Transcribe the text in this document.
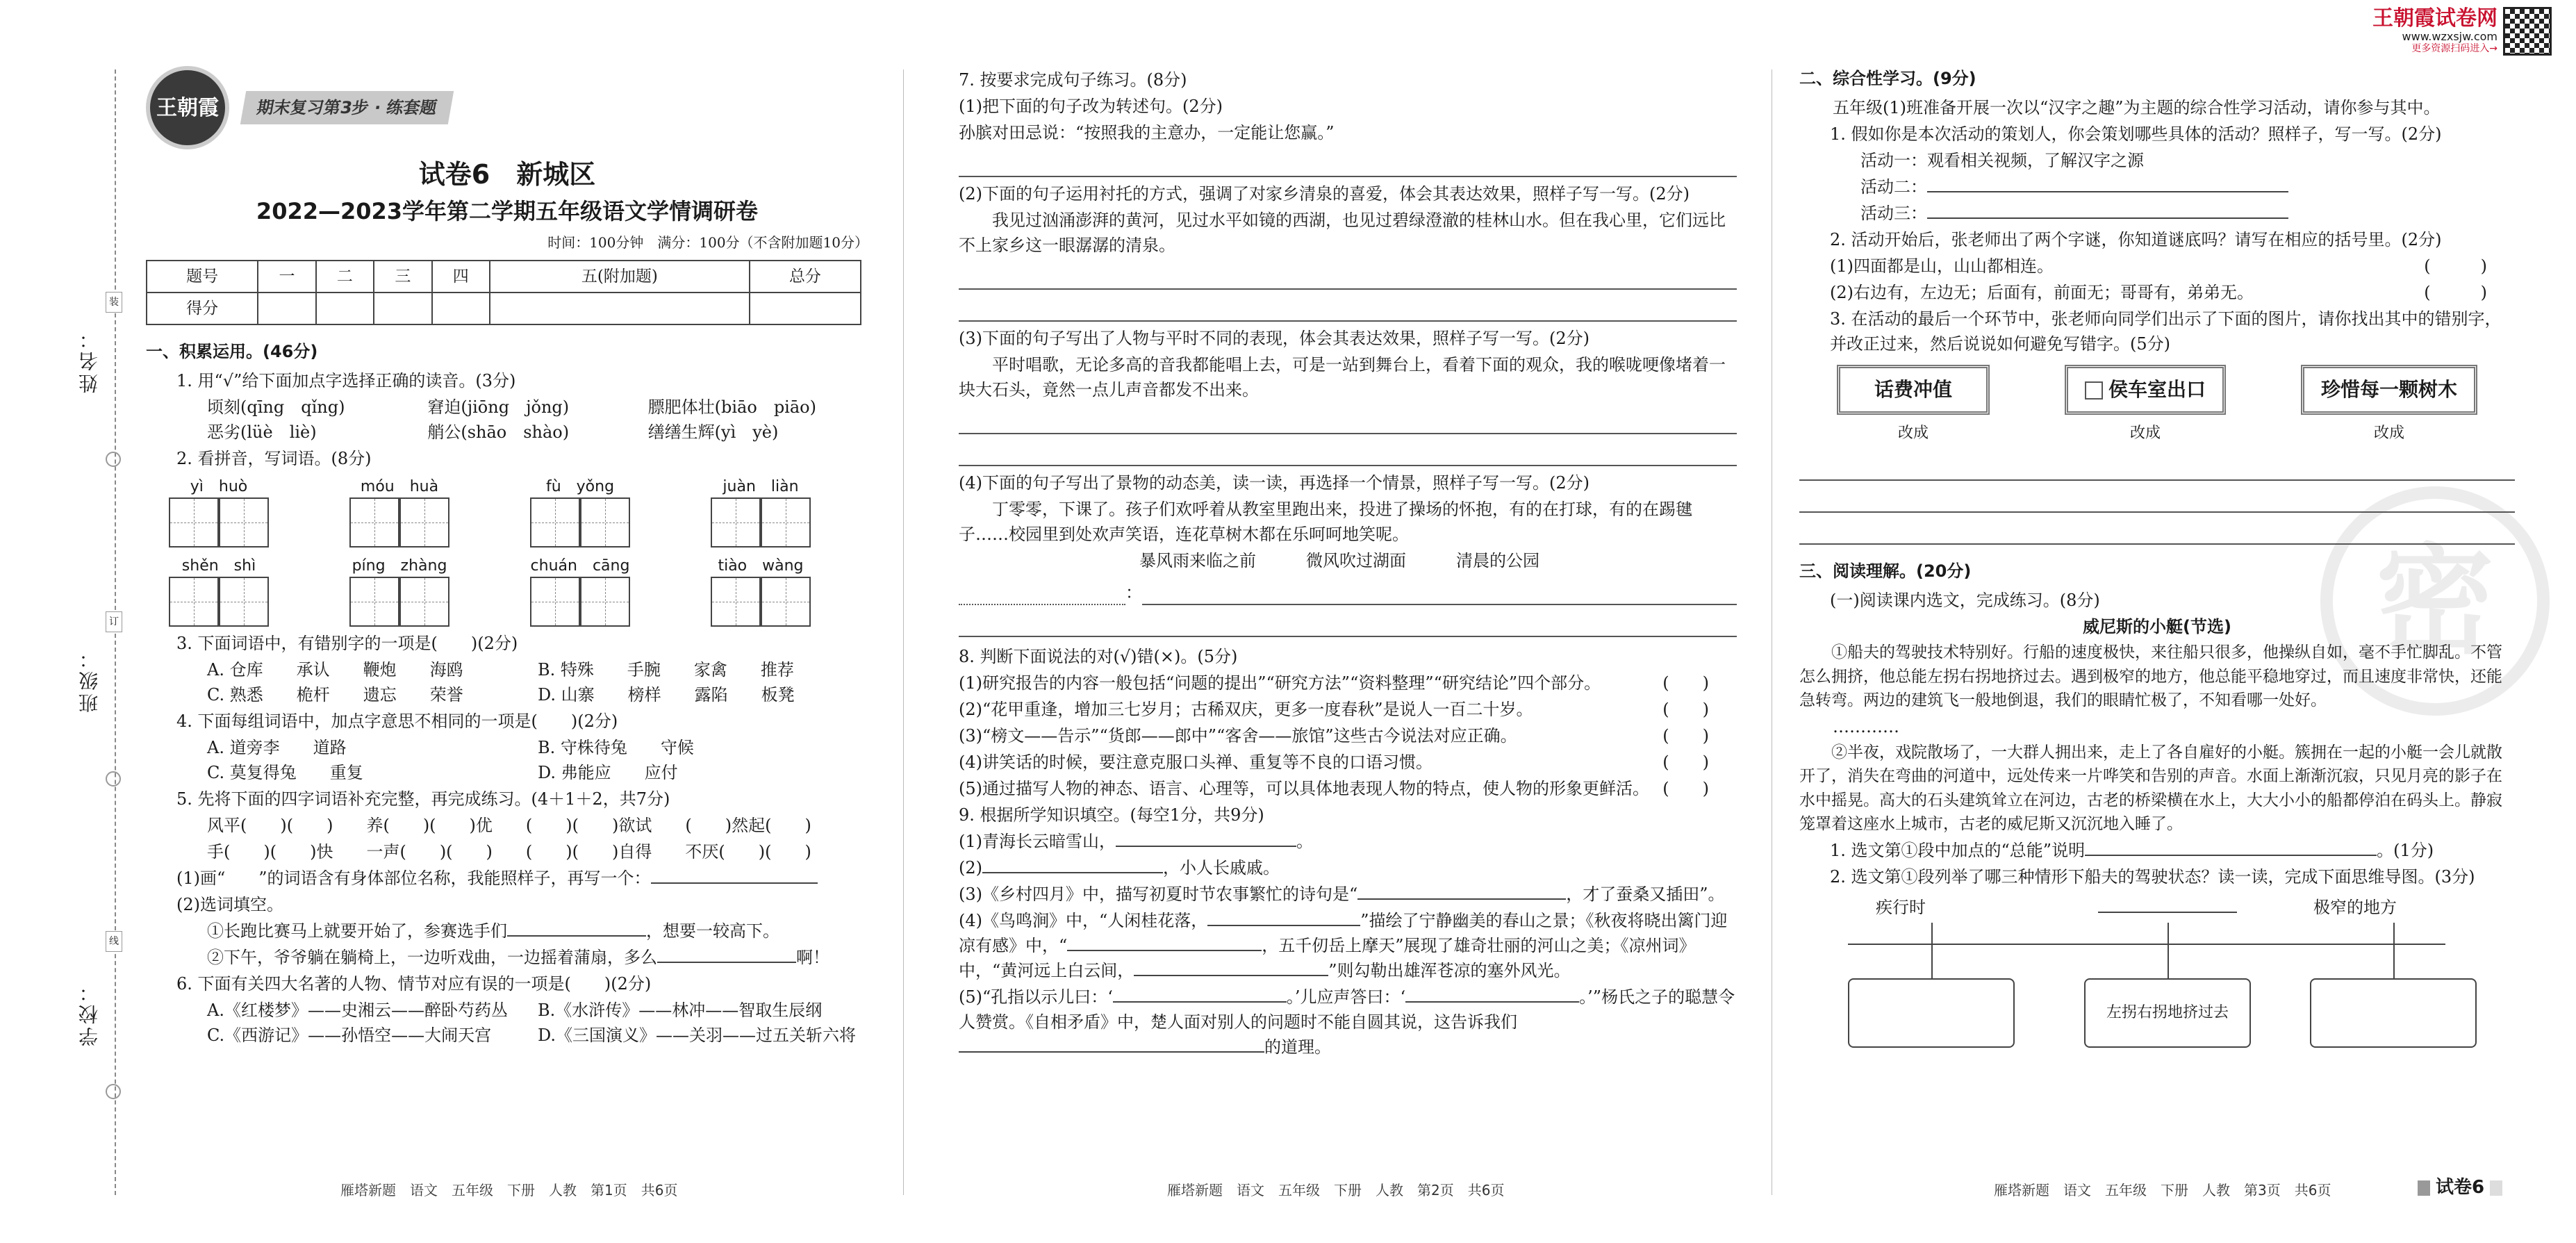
王朝霞试卷网
www.wzxsjw.com
更多资源扫码进入→
密
姓名：
班级：
学校：
装
订
线
王朝霞	期末复习第3步 · 练套题
试卷6　新城区
2022—2023学年第二学期五年级语文学情调研卷
时间：100分钟　满分：100分（不含附加题10分）
题号	一	二	三	四	五(附加题)	总分
得分						
一、积累运用。(46分)

1. 用“√”给下面加点字选择正确的读音。(3分)

顷刻(qīng　qǐng)	窘迫(jiōng　jǒng)	膘肥体壮(biāo　piāo)
恶劣(lüè　liè)	艄公(shāo　shào)	缮缮生辉(yì　yè)

2. 看拼音，写词语。(8分)

yì　huò	móu　huà	fù　yǒng	juàn　liàn
shěn　shì	píng　zhàng	chuán　cāng	tiào　wàng

3. 下面词语中，有错别字的一项是(　　)(2分)

A. 仓库　　承认　　鞭炮　　海鸥	B. 特殊　　手腕　　家禽　　推荐
C. 熟悉　　桅杆　　遗忘　　荣誉	D. 山寨　　榜样　　露陷　　板凳

4. 下面每组词语中，加点字意思不相同的一项是(　　)(2分)

A. 道旁李　　道路	B. 守株待兔　　守候
C. 莫复得兔　　重复	D. 弗能应　　应付

5. 先将下面的四字词语补充完整，再完成练习。(4＋1＋2，共7分)

风平(　　)(　　)　　养(　　)(　　)优　　(　　)(　　)欲试　　(　　)然起(　　)

手(　　)(　　)快　　一声(　　)(　　)　　(　　)(　　)自得　　不厌(　　)(　　)

(1)画“　　”的词语含有身体部位名称，我能照样子，再写一个：

(2)选词填空。

①长跑比赛马上就要开始了，参赛选手们	，想要一较高下。

②下午，爷爷躺在躺椅上，一边听戏曲，一边摇着蒲扇，多么	啊！

6. 下面有关四大名著的人物、情节对应有误的一项是(　　)(2分)

A.《红楼梦》——史湘云——醉卧芍药丛	B.《水浒传》——林冲——智取生辰纲
C.《西游记》——孙悟空——大闹天宫	D.《三国演义》——关羽——过五关斩六将
雁塔新题　语文　五年级　下册　人教　第1页　共6页

7. 按要求完成句子练习。(8分)

(1)把下面的句子改为转述句。(2分)

孙膑对田忌说：“按照我的主意办，一定能让您赢。”

(2)下面的句子运用衬托的方式，强调了对家乡清泉的喜爱，体会其表达效果，照样子写一写。(2分)

我见过汹涌澎湃的黄河，见过水平如镜的西湖，也见过碧绿澄澈的桂林山水。但在我心里，它们远比不上家乡这一眼潺潺的清泉。

(3)下面的句子写出了人物与平时不同的表现，体会其表达效果，照样子写一写。(2分)

平时唱歌，无论多高的音我都能唱上去，可是一站到舞台上，看着下面的观众，我的喉咙哽像堵着一块大石头，竟然一点儿声音都发不出来。

(4)下面的句子写出了景物的动态美，读一读，再选择一个情景，照样子写一写。(2分)

丁零零，下课了。孩子们欢呼着从教室里跑出来，投进了操场的怀抱，有的在打球，有的在踢毽子……校园里到处欢声笑语，连花草树木都在乐呵呵地笑呢。

暴风雨来临之前　　　微风吹过湖面　　　清晨的公园

：

8. 判断下面说法的对(√)错(×)。(5分)

(1)研究报告的内容一般包括“问题的提出”“研究方法”“资料整理”“研究结论”四个部分。	(　　)

(2)“花甲重逢，增加三七岁月；古稀双庆，更多一度春秋”是说人一百二十岁。	(　　)

(3)“榜文——告示”“货郎——郎中”“客舍——旅馆”这些古今说法对应正确。	(　　)

(4)讲笑话的时候，要注意克服口头禅、重复等不良的口语习惯。	(　　)

(5)通过描写人物的神态、语言、心理等，可以具体地表现人物的特点，使人物的形象更鲜活。 (　　)

9. 根据所学知识填空。(每空1分，共9分)

(1)青海长云暗雪山，	。

(2)	，小人长戚戚。

(3)《乡村四月》中，描写初夏时节农事繁忙的诗句是“	，才了蚕桑又插田”。

(4)《鸟鸣涧》中，“人闲桂花落，	”描绘了宁静幽美的春山之景；《秋夜将晓出篱门迎凉有感》中，“	，五千仞岳上摩天”展现了雄奇壮丽的河山之美；《凉州词》中，“黄河远上白云间，	”则勾勒出雄浑苍凉的塞外风光。

(5)“孔指以示儿曰：‘	。’儿应声答曰：‘	。’”杨氏之子的聪慧令人赞赏。《自相矛盾》中，楚人面对别人的问题时不能自圆其说，这告诉我们的道理。

雁塔新题　语文　五年级　下册　人教　第2页　共6页
二、综合性学习。(9分)

五年级(1)班准备开展一次以“汉字之趣”为主题的综合性学习活动，请你参与其中。

1. 假如你是本次活动的策划人，你会策划哪些具体的活动？照样子，写一写。(2分)

活动一：观看相关视频，了解汉字之源

活动二：

活动三：

2. 活动开始后，张老师出了两个字谜，你知道谜底吗？请写在相应的括号里。(2分)

(1)四面都是山，山山都相连。	(　　　)

(2)右边有，左边无；后面有，前面无；哥哥有，弟弟无。	(　　　)

3. 在活动的最后一个环节中，张老师向同学们出示了下面的图片，请你找出其中的错别字，并改正过来，然后说说如何避免写错字。(5分)

话费冲值
改成
侯车室出口
改成
珍惜每一颗树木
改成
三、阅读理解。(20分)

(一)阅读课内选文，完成练习。(8分)

威尼斯的小艇(节选)

①船夫的驾驶技术特别好。行船的速度极快，来往船只很多，他操纵自如，毫不手忙脚乱。不管怎么拥挤，他总能左拐右拐地挤过去。遇到极窄的地方，他总能平稳地穿过，而且速度非常快，还能急转弯。两边的建筑飞一般地倒退，我们的眼睛忙极了，不知看哪一处好。

…………

②半夜，戏院散场了，一大群人拥出来，走上了各自雇好的小艇。簇拥在一起的小艇一会儿就散开了，消失在弯曲的河道中，远处传来一片哗笑和告别的声音。水面上渐渐沉寂，只见月亮的影子在水中摇晃。高大的石头建筑耸立在河边，古老的桥梁横在水上，大大小小的船都停泊在码头上。静寂笼罩着这座水上城市，古老的威尼斯又沉沉地入睡了。

1. 选文第①段中加点的“总能”说明	。(1分)

2. 选文第①段列举了哪三种情形下船夫的驾驶状态？读一读，完成下面思维导图。(3分)

疾行时	极窄的地方
左拐右拐地挤过去
雁塔新题　语文　五年级　下册　人教　第3页　共6页	试卷6
